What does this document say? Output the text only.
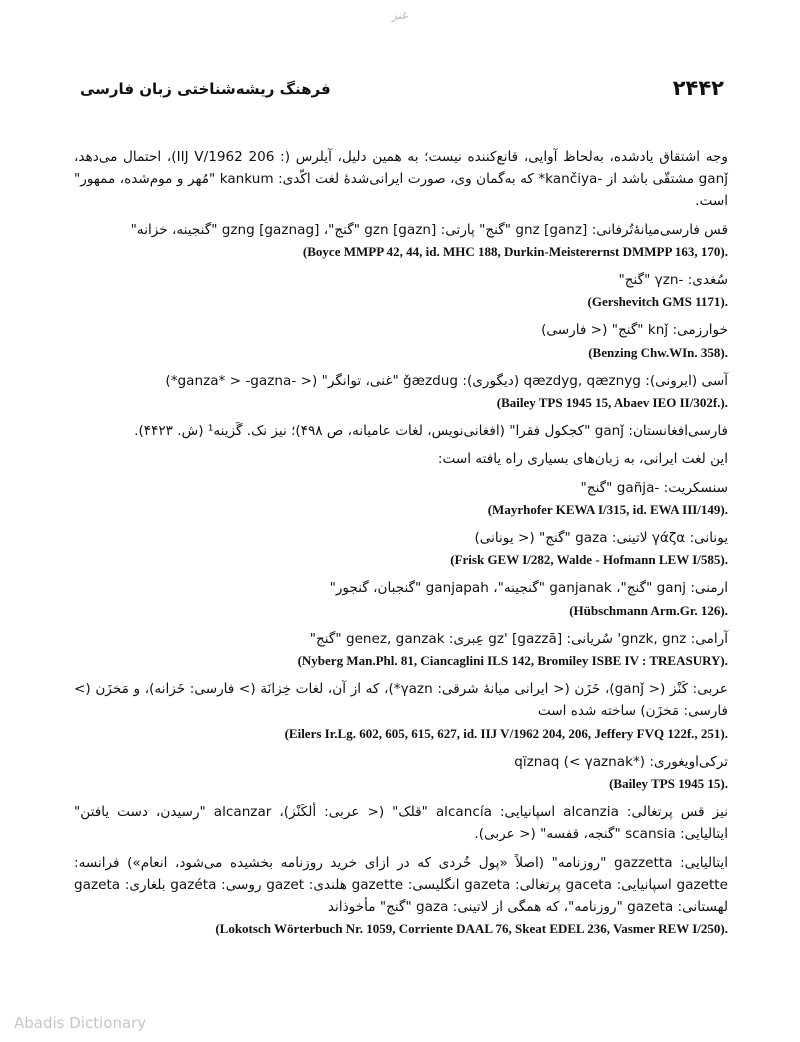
غنز
فرهنگ ریشه‌شناختی زبان فارسی	۲۴۴۲

وجه اشتقاق یادشده، به‌لحاظ آوایی، قانع‌کننده نیست؛ به همین دلیل، آیلرس (: 206 IIJ V/1962)، احتمال می‌دهد، ganǰ مشتقّی باشد از -kančiya* که به‌گمان وی، صورت ایرانی‌شدهٔ لغت اکّدی: kankum "مُهر و موم‌شده، ممهور" است.

قس فارسی‌میانهٔ‌تُرفانی: gnz [ganz] "گنج" پارتی: gzn [gazn] "گنج"، gzng [gaznag] "گنجینه، خزانه"
(Boyce MMPP 42, 44, id. MHC 188, Durkin-Meisterernst DMMPP 163, 170).

سُغدی: -γzn "گنج"
(Gershevitch GMS 1171).

خوارزمی: knǰ "گنج" (< فارسی)
(Benzing Chw.WIn. 358).

آسی (ایرونی): qæzdyg, qæznyg (دیگوری): ǧæzdug "غنی، توانگر" (< -ganza* > -gazna*)
(Bailey TPS 1945 15, Abaev IEO II/302f.).

فارسی‌افغانستان: ganǰ "کجکول فقرا" (افغانی‌نویس، لغات عامیانه، ص ۴۹۸)؛ نیز نک. گَزینه¹ (ش. ۴۴۲۳).

این لغت ایرانی، به زبان‌های بسیاری راه یافته است:

سنسکریت: -gañja "گنج"
(Mayrhofer KEWA I/315, id. EWA III/149).

یونانی: γάζα لاتینی: gaza "گنج" (< یونانی)
(Frisk GEW I/282, Walde - Hofmann LEW I/585).

ارمنی: ganj "گنج"، ganjanak "گنجینه"، ganjapah "گنجبان، گنجور"
(Hübschmann Arm.Gr. 126).

آرامی: gnzk, gnz' سُریانی: gz' [gazzā] عِبری: genez, ganzak "گنج"
(Nyberg Man.Phl. 81, Ciancaglini ILS 142, Bromiley ISBE IV : TREASURY).

عربی: کَنْز (< ganǰ)، خَزَن (< ایرانی میانهٔ شرقی: γazn*)، که از آن، لغات خِزانَة (> فارسی: خَزانه)، و مَخزَن (> فارسی: مَخزَن) ساخته شده است
(Eilers Ir.Lg. 602, 605, 615, 627, id. IIJ V/1962 204, 206, Jeffery FVQ 122f., 251).

ترکی‌اویغوری: qïznaq (< γaznak*)
(Bailey TPS 1945 15).

نیز قس پرتغالی: alcanzia اسپانیایی: alcancía "قلک" (< عربی: ألکَنْز)، alcanzar "رسیدن، دست یافتن" ایتالیایی: scansia "گنجه، قفسه" (< عربی).

ایتالیایی: gazzetta "روزنامه" (اصلاً «پول خُردی که در ازای خرید روزنامه بخشیده می‌شود، انعام») فرانسه: gazette اسپانیایی: gaceta پرتغالی: gazeta انگلیسی: gazette هلندی: gazet روسی: gazéta بلغاری: gazeta لهستانی: gazeta "روزنامه"، که همگی از لاتینی: gaza "گنج" مأخوذاند
(Lokotsch Wörterbuch Nr. 1059, Corriente DAAL 76, Skeat EDEL 236, Vasmer REW I/250).

Abadis Dictionary
